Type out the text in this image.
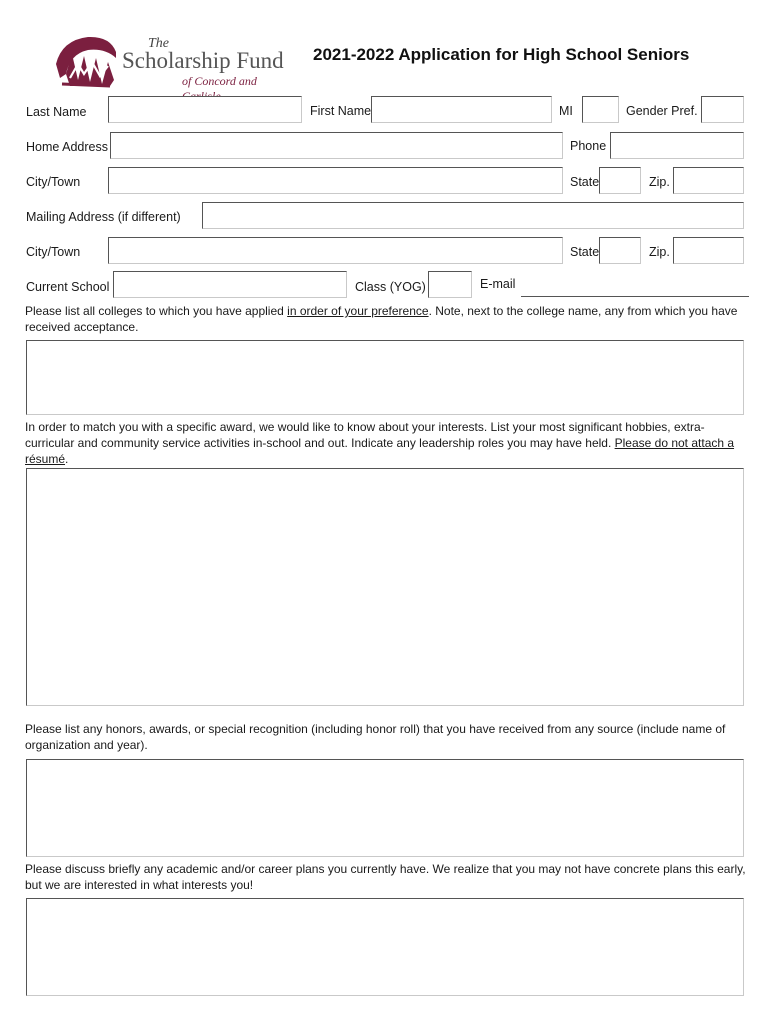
The
Scholarship Fund
of Concord and
2021-2022 Application for High School Seniors
Last Name	First Name	MI	Gender Pref.
Home Address	Phone
City/Town	State	Zip.
Mailing Address (if different)
City/Town	State	Zip.
Current School	Class (YOG)	E-mail
Please list all colleges to which you have applied in order of your preference. Note, next to the college name, any from which you have received acceptance.
In order to match you with a specific award, we would like to know about your interests. List your most significant hobbies, extra-curricular and community service activities in-school and out. Indicate any leadership roles you may have held. Please do not attach a résumé.
Please list any honors, awards, or special recognition (including honor roll) that you have received from any source (include name of organization and year).
Please discuss briefly any academic and/or career plans you currently have. We realize that you may not have concrete plans this early, but we are interested in what interests you!
